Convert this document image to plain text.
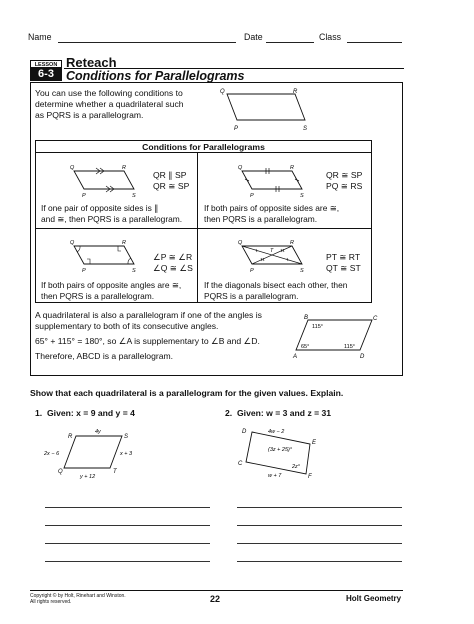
Name	Date	Class
LESSON
6-3
Reteach
Conditions for Parallelograms
You can use the following conditions to
determine whether a quadrilateral such
as PQRS is a parallelogram.
Q	R
P	S
Conditions for Parallelograms
Q	R
P	S
QR ∥ SP
QR ≅ SP
If one pair of opposite sides is ∥
and ≅, then PQRS is a parallelogram.
Q	R
P	S
QR ≅ SP
PQ ≅ RS
If both pairs of opposite sides are ≅,
then PQRS is a parallelogram.
Q	R
P	S
∠P ≅ ∠R
∠Q ≅ ∠S
If both pairs of opposite angles are ≅,
then PQRS is a parallelogram.
Q	R
T
P	S
PT ≅ RT
QT ≅ ST
If the diagonals bisect each other, then
PQRS is a parallelogram.
A quadrilateral is also a parallelogram if one of the angles is
supplementary to both of its consecutive angles.
65° + 115° = 180°, so ∠A is supplementary to ∠B and ∠D.
Therefore, ABCD is a parallelogram.
B	C
A	D
115°
65°	115°
Show that each quadrilateral is a parallelogram for the given values. Explain.
1. Given: x = 9 and y = 4
R	S
Q	T
4y
2x − 6	x + 3
y + 12
2. Given: w = 3 and z = 31
D
E
C
F
4w − 2
(3z + 25)°
2z°
w + 7
Copyright © by Holt, Rinehart and Winston.
All rights reserved.	22	Holt Geometry
